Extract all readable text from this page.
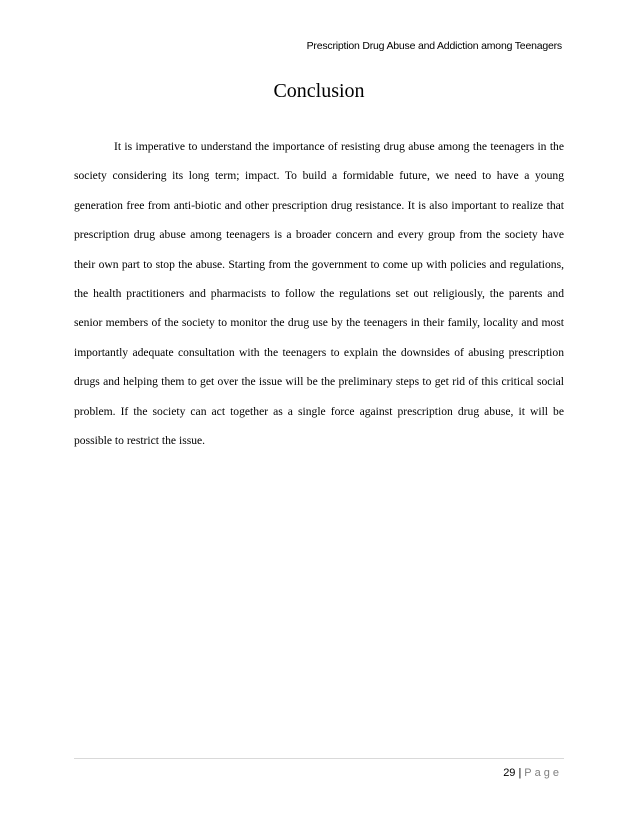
Prescription Drug Abuse and Addiction among Teenagers
Conclusion

It is imperative to understand the importance of resisting drug abuse among the teenagers in the society considering its long term; impact. To build a formidable future, we need to have a young generation free from anti-biotic and other prescription drug resistance. It is also important to realize that prescription drug abuse among teenagers is a broader concern and every group from the society have their own part to stop the abuse. Starting from the government to come up with policies and regulations, the health practitioners and pharmacists to follow the regulations set out religiously, the parents and senior members of the society to monitor the drug use by the teenagers in their family, locality and most importantly adequate consultation with the teenagers to explain the downsides of abusing prescription drugs and helping them to get over the issue will be the preliminary steps to get rid of this critical social problem. If the society can act together as a single force against prescription drug abuse, it will be possible to restrict the issue.

29 | Page
